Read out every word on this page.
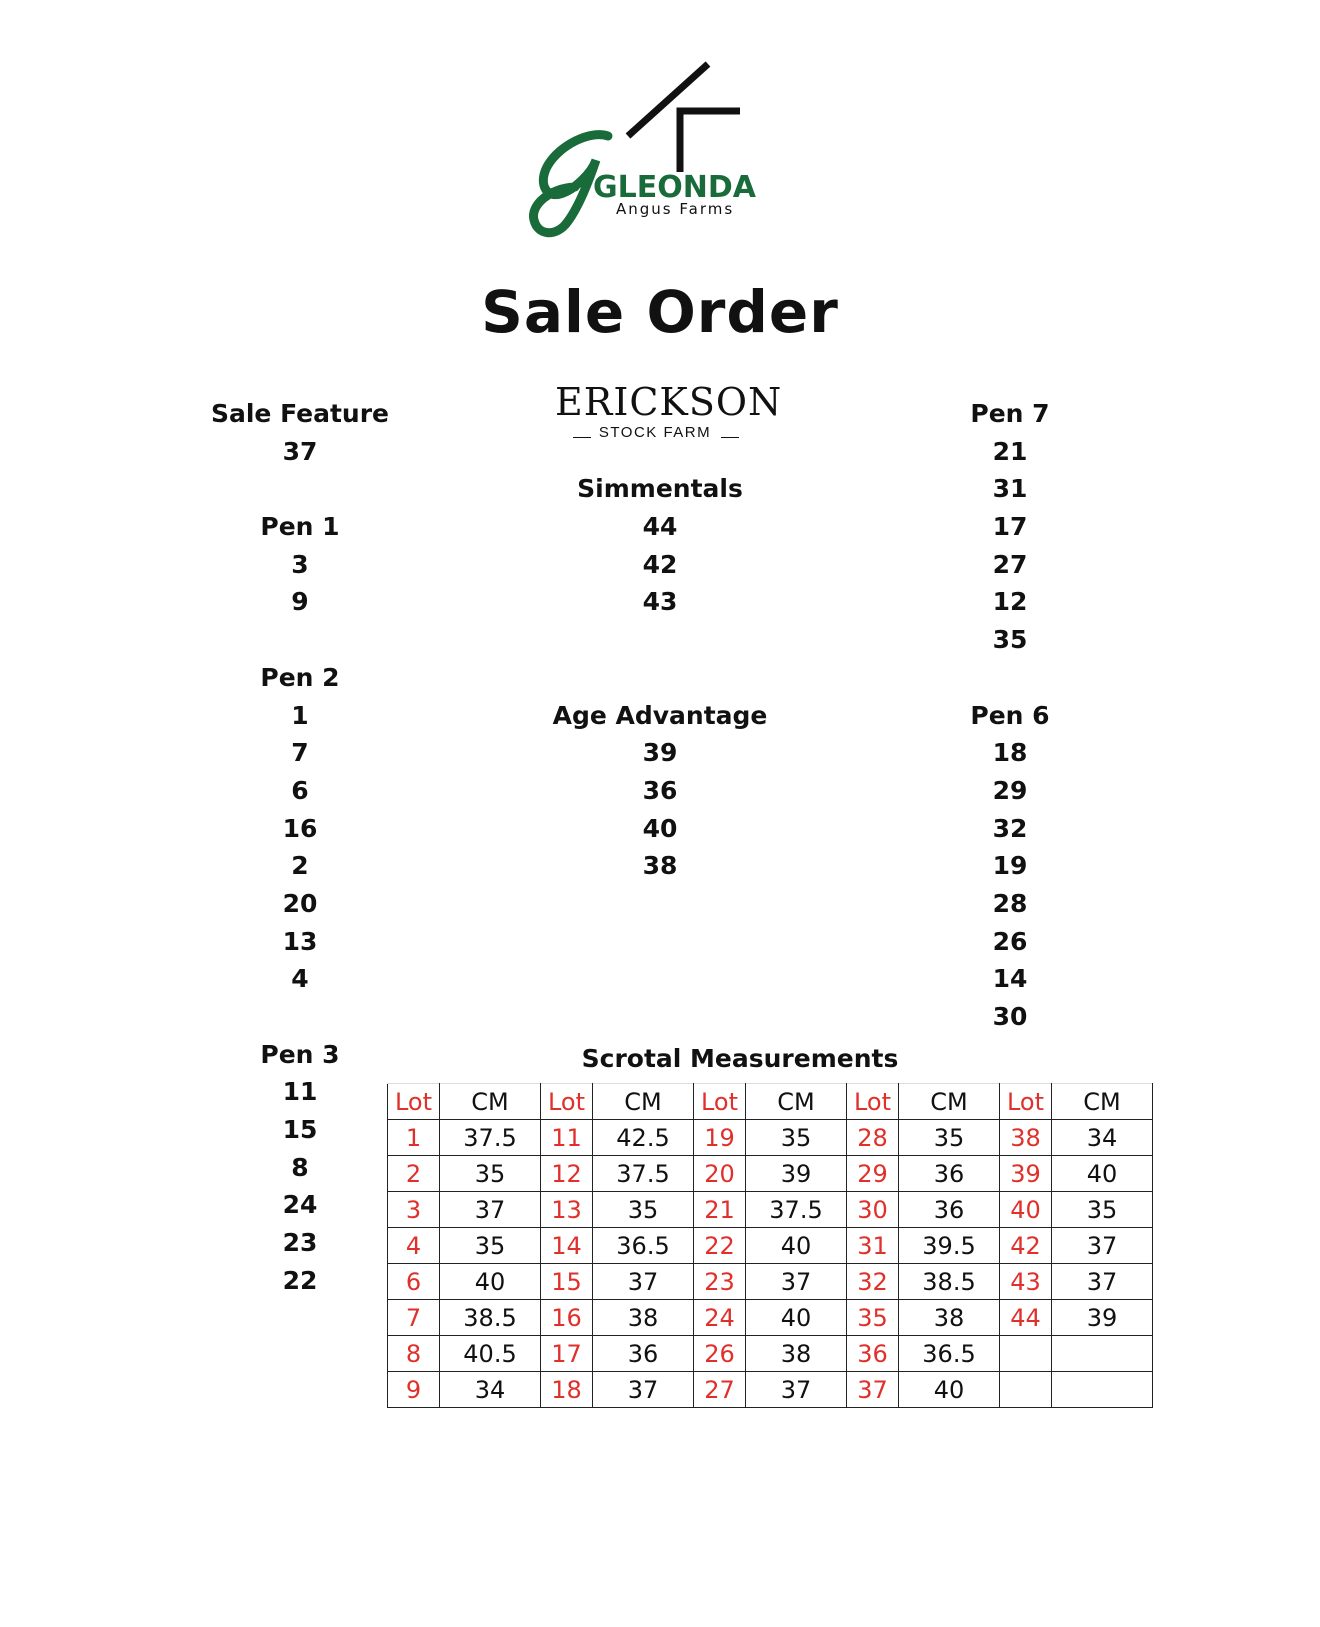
GLEONDA
Angus Farms
Sale Order
Sale Feature
37
Pen 1
3
9
Pen 2
1
7
6
16
2
20
13
4
Pen 3
11
15
8
24
23
22
ERICKSON
STOCK FARM
Simmentals
44
42
43
Age Advantage
39
36
40
38
Pen 7
21
31
17
27
12
35
Pen 6
18
29
32
19
28
26
14
30
Scrotal Measurements
Lot	CM	Lot	CM	Lot	CM	Lot	CM	Lot	CM
1	37.5	11	42.5	19	35	28	35	38	34
2	35	12	37.5	20	39	29	36	39	40
3	37	13	35	21	37.5	30	36	40	35
4	35	14	36.5	22	40	31	39.5	42	37
6	40	15	37	23	37	32	38.5	43	37
7	38.5	16	38	24	40	35	38	44	39
8	40.5	17	36	26	38	36	36.5		
9	34	18	37	27	37	37	40		
